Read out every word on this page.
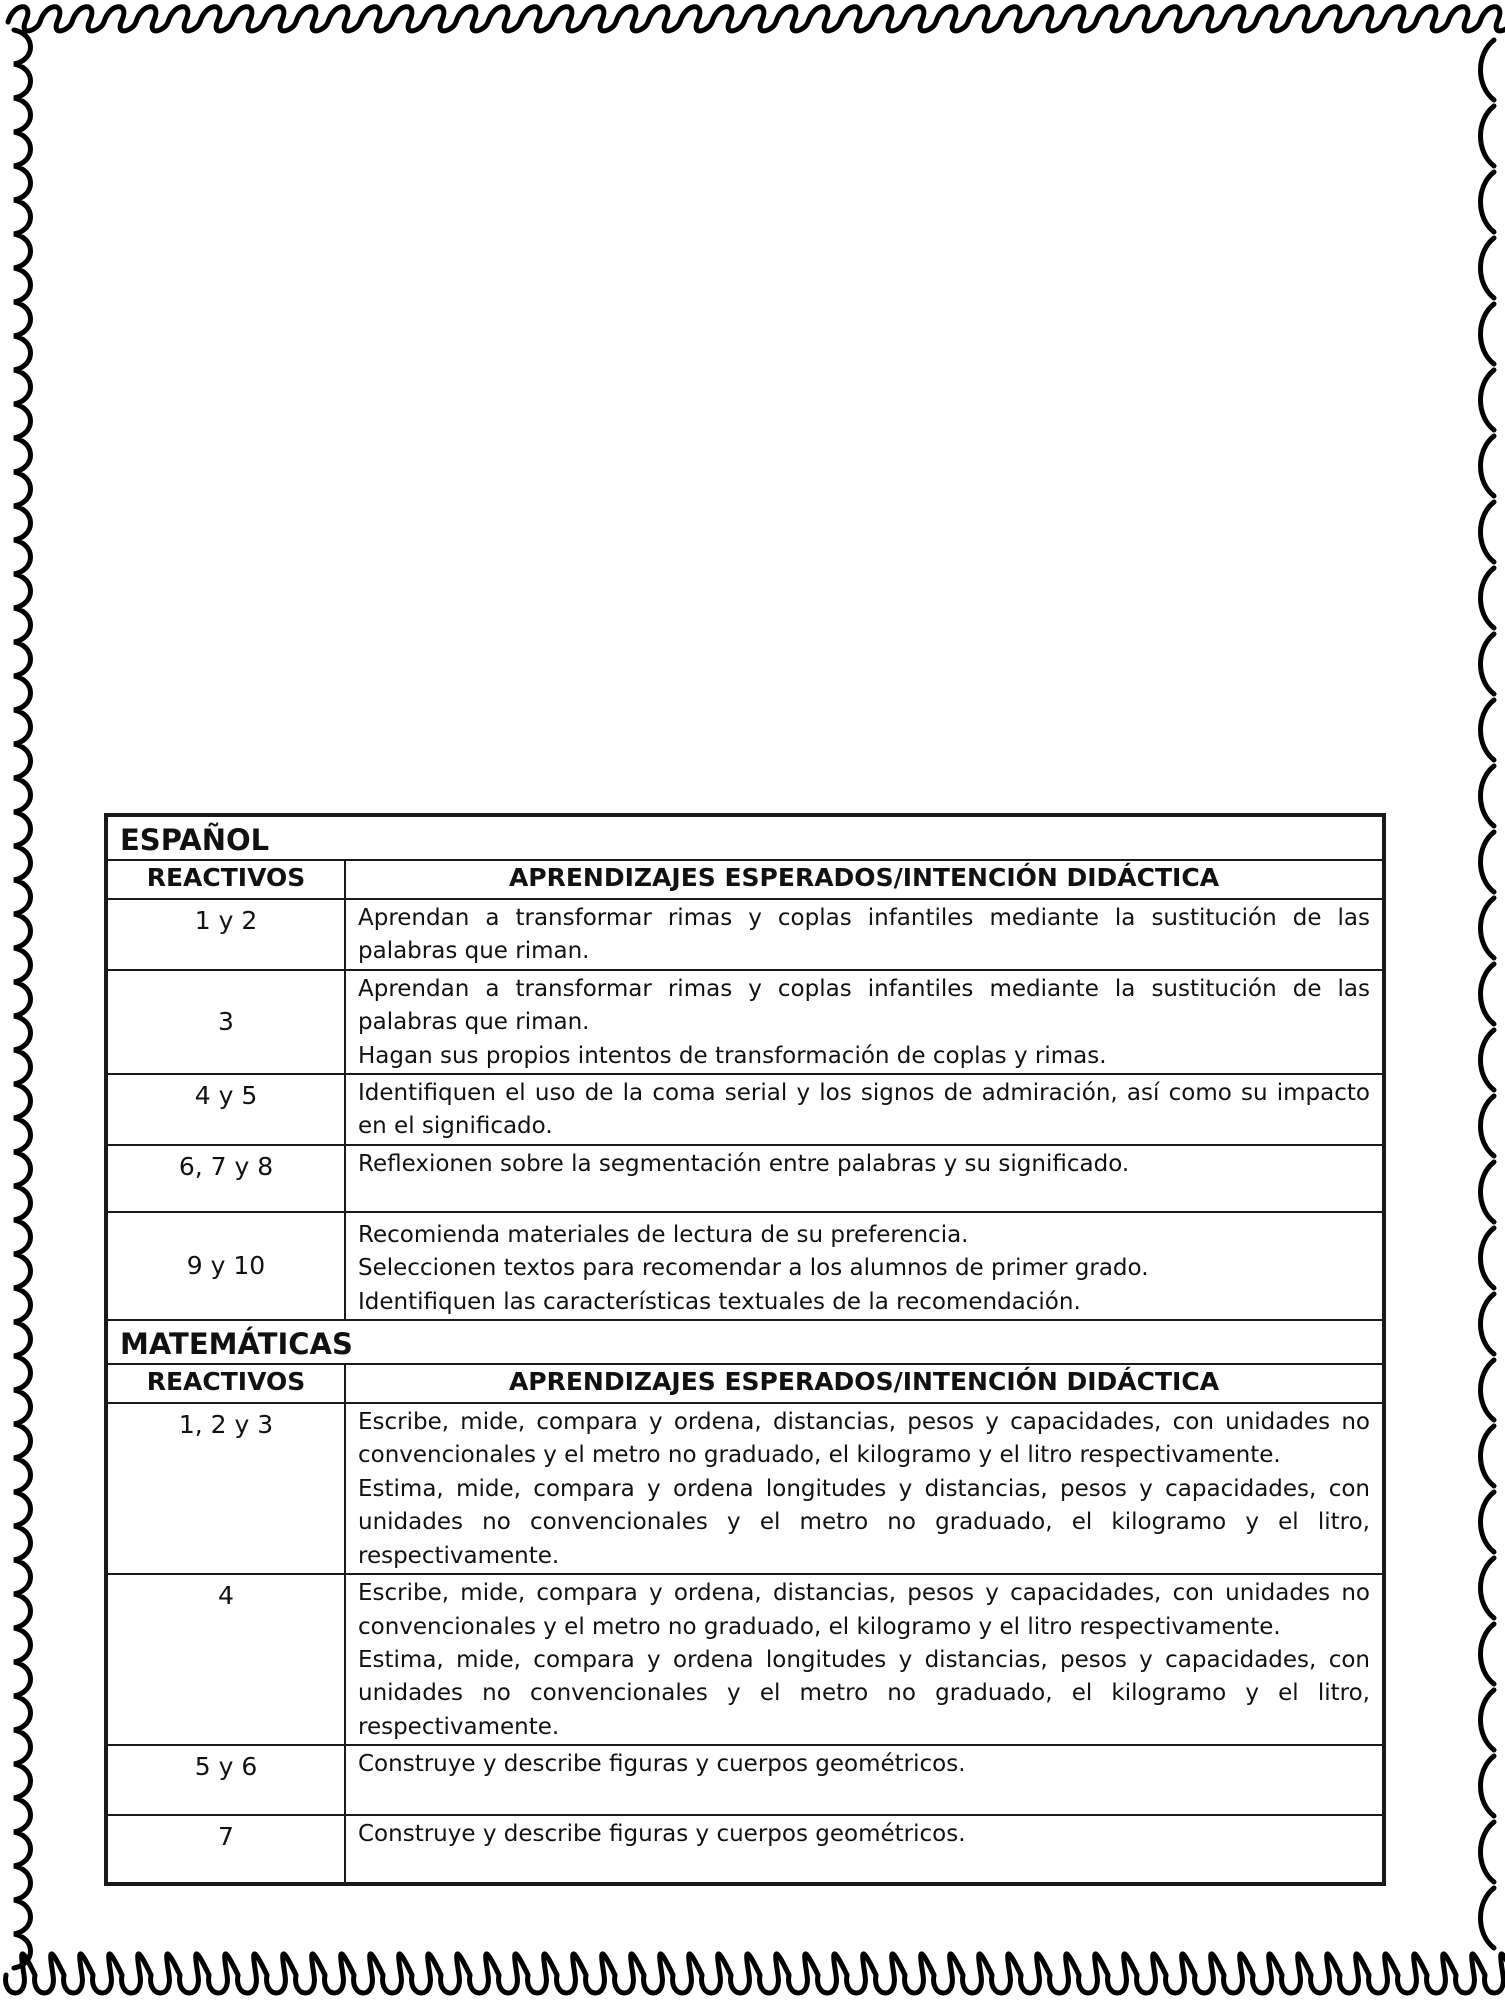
ESPAÑOL	
REACTIVOS	APRENDIZAJES ESPERADOS/INTENCIÓN DIDÁCTICA
1 y 2	Aprendan a transformar rimas y coplas infantiles mediante la sustitución de las palabras que riman.

3	Aprendan a transformar rimas y coplas infantiles mediante la sustitución de las palabras que riman.

Hagan sus propios intentos de transformación de coplas y rimas.

4 y 5	Identifiquen el uso de la coma serial y los signos de admiración, así como su impacto en el significado.

6, 7 y 8	Reflexionen sobre la segmentación entre palabras y su significado.

9 y 10	Recomienda materiales de lectura de su preferencia.

Seleccionen textos para recomendar a los alumnos de primer grado.

Identifiquen las características textuales de la recomendación.

MATEMÁTICAS	
REACTIVOS	APRENDIZAJES ESPERADOS/INTENCIÓN DIDÁCTICA
1, 2 y 3	Escribe, mide, compara y ordena, distancias, pesos y capacidades, con unidades no convencionales y el metro no graduado, el kilogramo y el litro respectivamente.

Estima, mide, compara y ordena longitudes y distancias, pesos y capacidades, con unidades no convencionales y el metro no graduado, el kilogramo y el litro, respectivamente.

4	Escribe, mide, compara y ordena, distancias, pesos y capacidades, con unidades no convencionales y el metro no graduado, el kilogramo y el litro respectivamente.

Estima, mide, compara y ordena longitudes y distancias, pesos y capacidades, con unidades no convencionales y el metro no graduado, el kilogramo y el litro, respectivamente.

5 y 6	Construye y describe figuras y cuerpos geométricos.

7	Construye y describe figuras y cuerpos geométricos.
